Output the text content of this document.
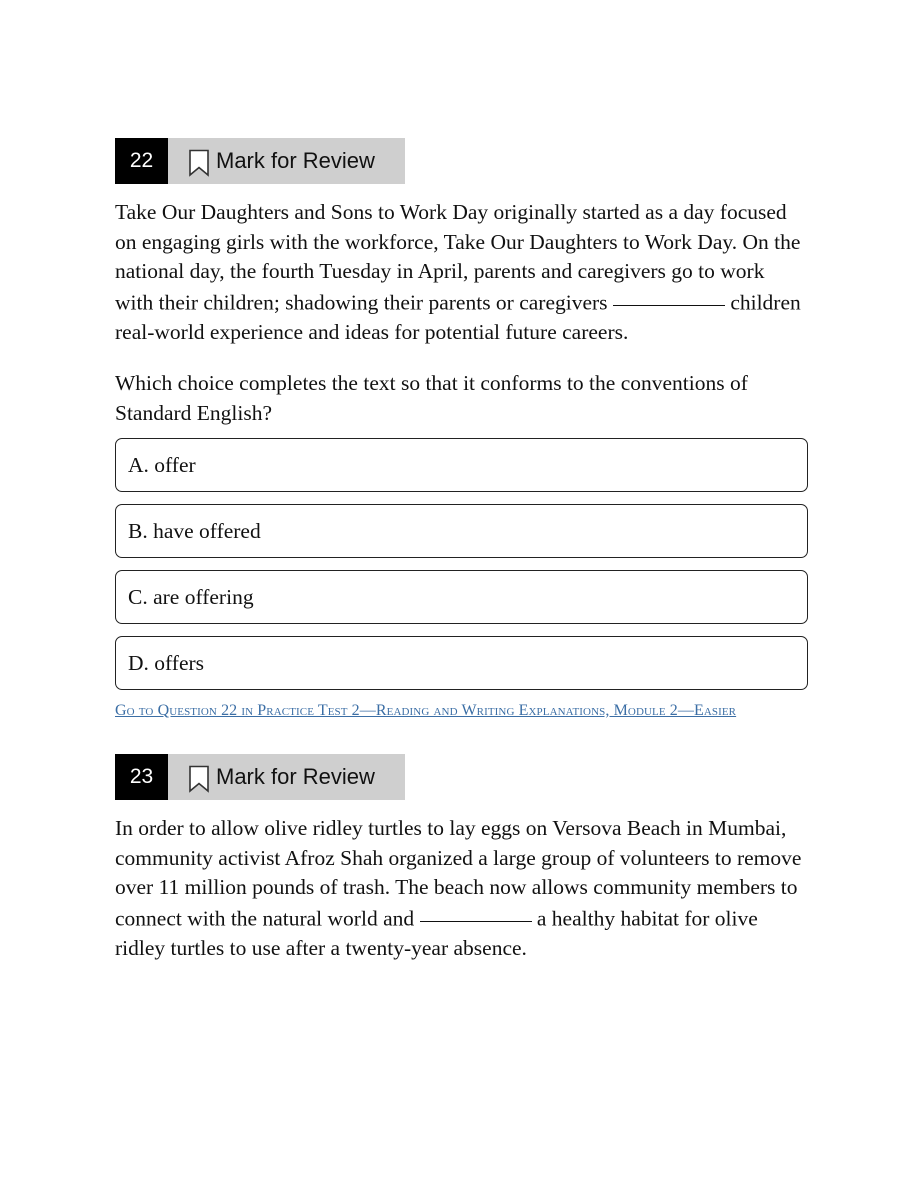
22	Mark for Review

Take Our Daughters and Sons to Work Day originally started as a day focused on engaging girls with the workforce, Take Our Daughters to Work Day. On the national day, the fourth Tuesday in April, parents and caregivers go to work with their children; shadowing their parents or caregivers	children real-world experience and ideas for potential future careers.

Which choice completes the text so that it conforms to the conventions of Standard English?

A. offer
B. have offered
C. are offering
D. offers
Go to Question 22 in Practice Test 2—Reading and Writing Explanations, Module 2—Easier
23	Mark for Review

In order to allow olive ridley turtles to lay eggs on Versova Beach in Mumbai, community activist Afroz Shah organized a large group of volunteers to remove over 11 million pounds of trash. The beach now allows community members to connect with the natural world and	a healthy habitat for olive ridley turtles to use after a twenty-year absence.
